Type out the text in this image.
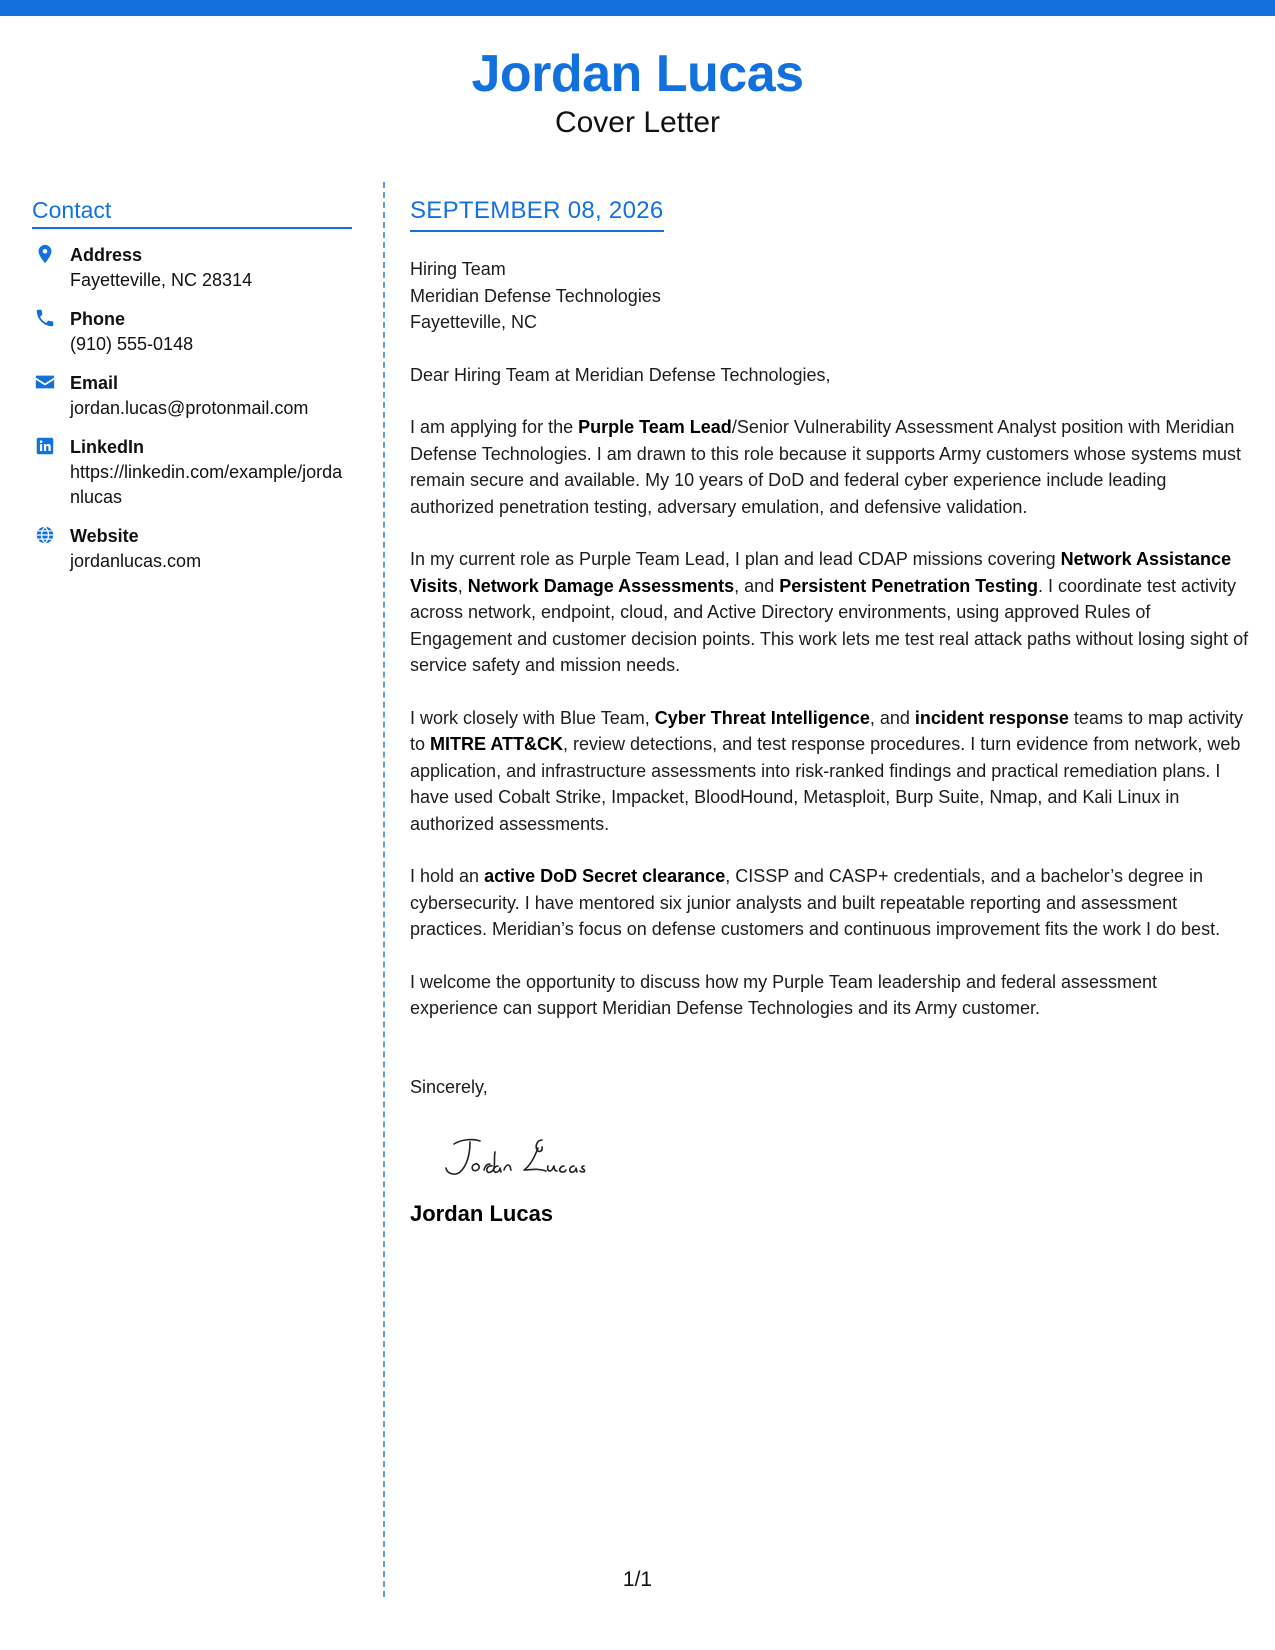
Jordan Lucas
Cover Letter
Contact
Address
Fayetteville, NC 28314
Phone
(910) 555-0148
Email
jordan.lucas@protonmail.com
LinkedIn
https://linkedin.com/example/jordanlucas
Website
jordanlucas.com
SEPTEMBER 08, 2026
Hiring Team
Meridian Defense Technologies
Fayetteville, NC

Dear Hiring Team at Meridian Defense Technologies,

I am applying for the Purple Team Lead/Senior Vulnerability Assessment Analyst position with Meridian Defense Technologies. I am drawn to this role because it supports Army customers whose systems must remain secure and available. My 10 years of DoD and federal cyber experience include leading authorized penetration testing, adversary emulation, and defensive validation.

In my current role as Purple Team Lead, I plan and lead CDAP missions covering Network Assistance Visits, Network Damage Assessments, and Persistent Penetration Testing. I coordinate test activity across network, endpoint, cloud, and Active Directory environments, using approved Rules of Engagement and customer decision points. This work lets me test real attack paths without losing sight of service safety and mission needs.

I work closely with Blue Team, Cyber Threat Intelligence, and incident response teams to map activity to MITRE ATT&CK, review detections, and test response procedures. I turn evidence from network, web application, and infrastructure assessments into risk-ranked findings and practical remediation plans. I have used Cobalt Strike, Impacket, BloodHound, Metasploit, Burp Suite, Nmap, and Kali Linux in authorized assessments.

I hold an active DoD Secret clearance, CISSP and CASP+ credentials, and a bachelor’s degree in cybersecurity. I have mentored six junior analysts and built repeatable reporting and assessment practices. Meridian’s focus on defense customers and continuous improvement fits the work I do best.

I welcome the opportunity to discuss how my Purple Team leadership and federal assessment experience can support Meridian Defense Technologies and its Army customer.

Sincerely,
Jordan Lucas
1/1
